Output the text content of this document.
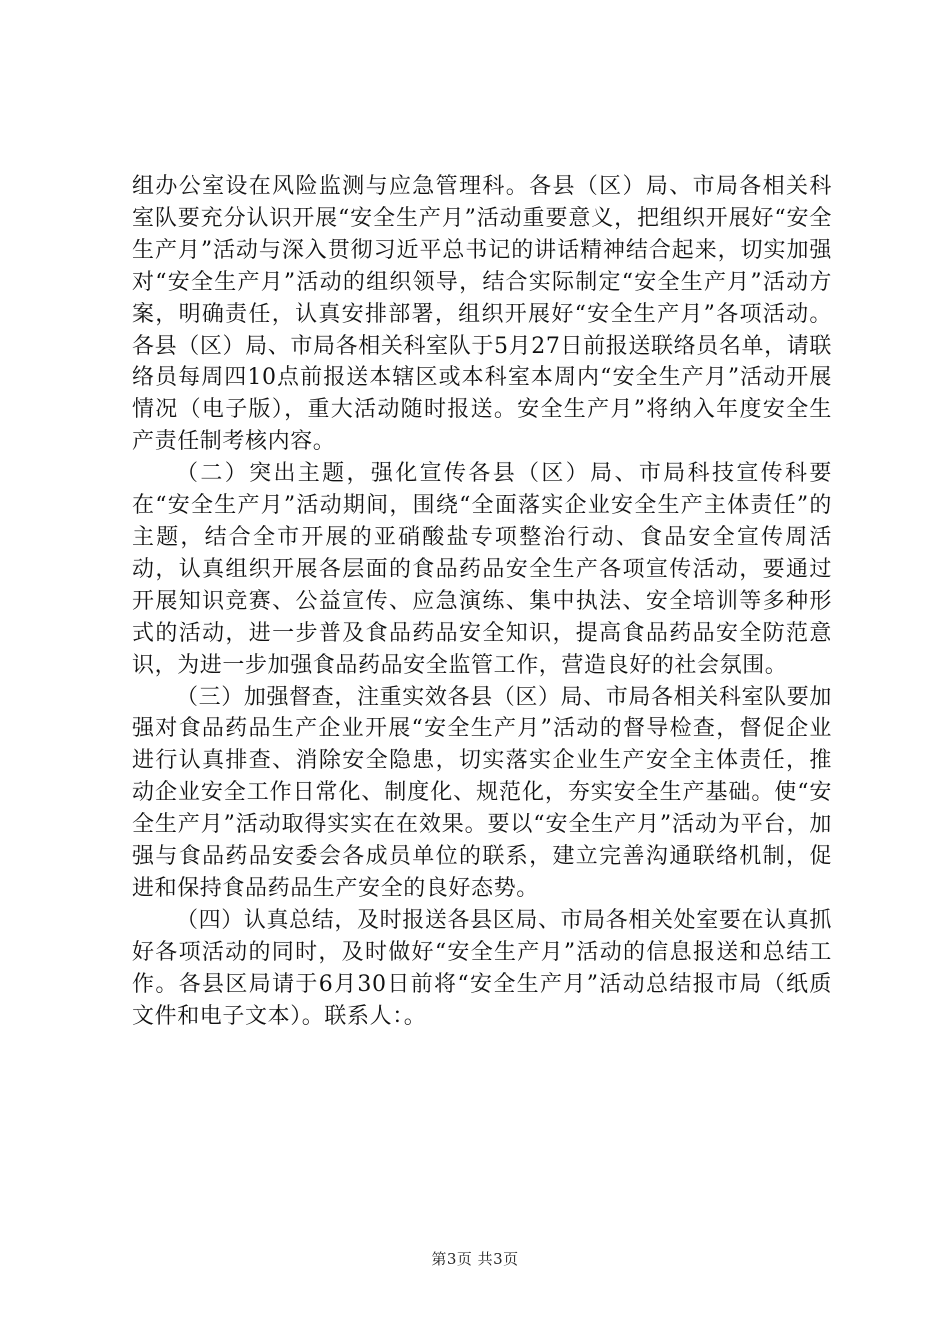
组办公室设在风险监测与应急管理科。各县（区）局、市局各相关科室队要充分认识开展“安全生产月”活动重要意义，把组织开展好“安全生产月”活动与深入贯彻习近平总书记的讲话精神结合起来，切实加强对“安全生产月”活动的组织领导，结合实际制定“安全生产月”活动方案，明确责任，认真安排部署，组织开展好“安全生产月”各项活动。各县（区）局、市局各相关科室队于5月27日前报送联络员名单，请联络员每周四10点前报送本辖区或本科室本周内“安全生产月”活动开展情况（电子版），重大活动随时报送。安全生产月”将纳入年度安全生产责任制考核内容。

（二）突出主题，强化宣传各县（区）局、市局科技宣传科要在“安全生产月”活动期间，围绕“全面落实企业安全生产主体责任”的主题，结合全市开展的亚硝酸盐专项整治行动、食品安全宣传周活动，认真组织开展各层面的食品药品安全生产各项宣传活动，要通过开展知识竞赛、公益宣传、应急演练、集中执法、安全培训等多种形式的活动，进一步普及食品药品安全知识，提高食品药品安全防范意识，为进一步加强食品药品安全监管工作，营造良好的社会氛围。

（三）加强督查，注重实效各县（区）局、市局各相关科室队要加强对食品药品生产企业开展“安全生产月”活动的督导检查，督促企业进行认真排查、消除安全隐患，切实落实企业生产安全主体责任，推动企业安全工作日常化、制度化、规范化，夯实安全生产基础。使“安全生产月”活动取得实实在在效果。要以“安全生产月”活动为平台，加强与食品药品安委会各成员单位的联系，建立完善沟通联络机制，促进和保持食品药品生产安全的良好态势。

（四）认真总结，及时报送各县区局、市局各相关处室要在认真抓好各项活动的同时，及时做好“安全生产月”活动的信息报送和总结工作。各县区局请于6月30日前将“安全生产月”活动总结报市局（纸质文件和电子文本）。联系人：。

第3页 共3页
